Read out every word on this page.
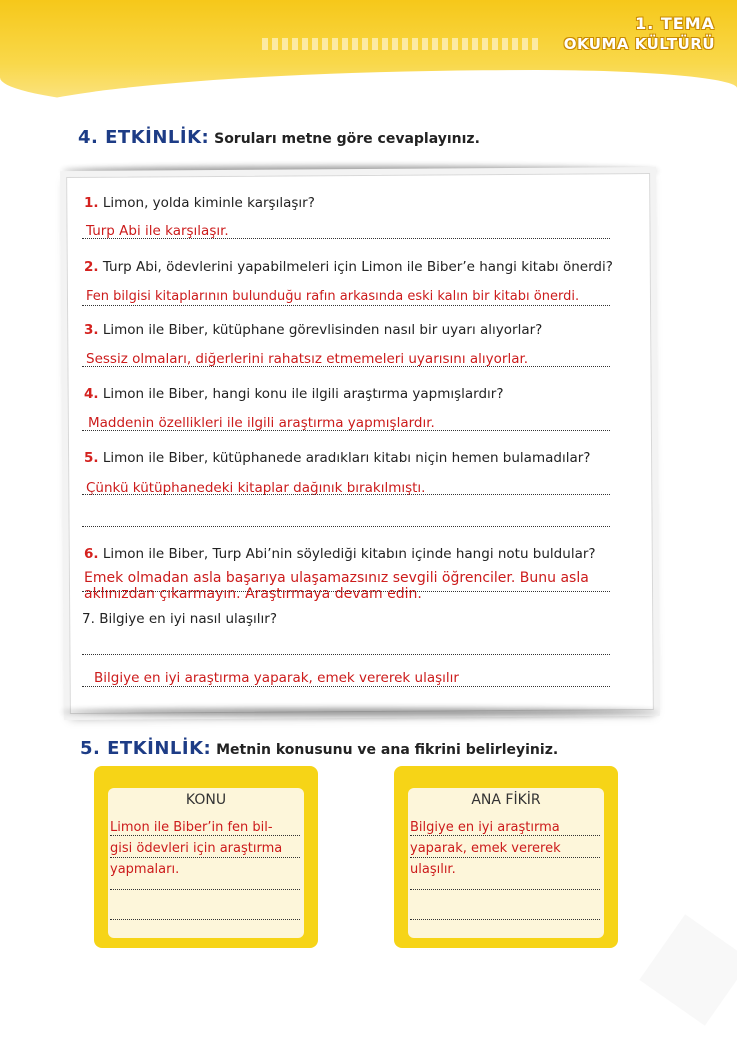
1. TEMA
OKUMA KÜLTÜRÜ
4. ETKİNLİK: Soruları metne göre cevaplayınız.
1. Limon, yolda kiminle karşılaşır?
Turp Abi ile karşılaşır.
2. Turp Abi, ödevlerini yapabilmeleri için Limon ile Biber’e hangi kitabı önerdi?
Fen bilgisi kitaplarının bulunduğu rafın arkasında eski kalın bir kitabı önerdi.
3. Limon ile Biber, kütüphane görevlisinden nasıl bir uyarı alıyorlar?
Sessiz olmaları, diğerlerini rahatsız etmemeleri uyarısını alıyorlar.
4. Limon ile Biber, hangi konu ile ilgili araştırma yapmışlardır?
Maddenin özellikleri ile ilgili araştırma yapmışlardır.
5. Limon ile Biber, kütüphanede aradıkları kitabı niçin hemen bulamadılar?
Çünkü kütüphanedeki kitaplar dağınık bırakılmıştı.
6. Limon ile Biber, Turp Abi’nin söylediği kitabın içinde hangi notu buldular?
Emek olmadan asla başarıya ulaşamazsınız sevgili öğrenciler. Bunu asla aklınızdan çıkarmayın. Araştırmaya devam edin.
7. Bilgiye en iyi nasıl ulaşılır?
Bilgiye en iyi araştırma yaparak, emek vererek ulaşılır
5. ETKİNLİK: Metnin konusunu ve ana fikrini belirleyiniz.
KONU
Limon ile Biber’in fen bil-
gisi ödevleri için araştırma
yapmaları.
ANA FİKİR
Bilgiye en iyi araştırma
yaparak, emek vererek
ulaşılır.
